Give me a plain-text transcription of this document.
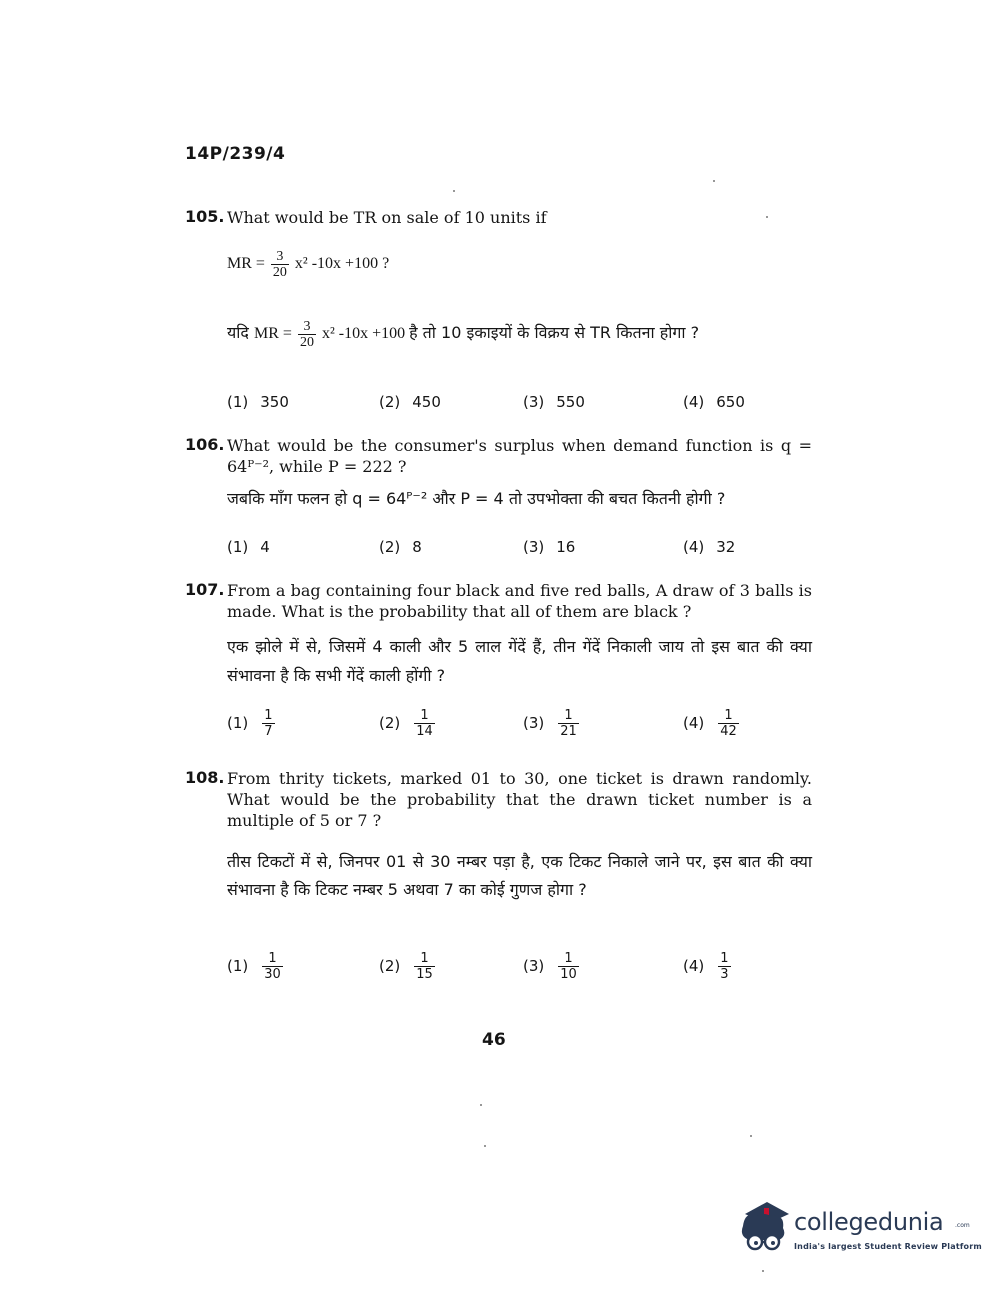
14P/239/4
105. What would be TR on sale of 10 units if
MR = $\frac{3}{20} x^2$ -10x +100 ?
यदि MR = $\frac{3}{20} x^2$ -10x +100 है तो 10 इकाइयों के विक्रय से TR कितना होगा ?
(1) 350	(2) 450	(3) 550	(4) 650
106. What would be the consumer's surplus when demand function is q = 64ᴾ⁻², while P = 222 ?
जबकि माँग फलन हो q = 64ᴾ⁻² और P = 4 तो उपभोक्ता की बचत कितनी होगी ?
(1) 4	(2) 8	(3) 16	(4) 32
107. From a bag containing four black and five red balls, A draw of 3 balls is made. What is the probability that all of them are black ?
एक झोले में से, जिसमें 4 काली और 5 लाल गेंदें हैं, तीन गेंदें निकाली जाय तो इस बात की क्या संभावना है कि सभी गेंदें काली होंगी ?
$(1) \frac{1}{7}$	$(2) \frac{1}{14}$	$(3) \frac{1}{21}$	$(4) \frac{1}{42}$
108. From thrity tickets, marked 01 to 30, one ticket is drawn randomly. What would be the probability that the drawn ticket number is a multiple of 5 or 7 ?
तीस टिकटों में से, जिनपर 01 से 30 नम्बर पड़ा है, एक टिकट निकाले जाने पर, इस बात की क्या संभावना है कि टिकट नम्बर 5 अथवा 7 का कोई गुणज होगा ?
$(1) \frac{1}{30}$	$(2) \frac{1}{15}$	$(3) \frac{1}{10}$	$(4) \frac{1}{3}$
46
collegedunia .com
India's largest Student Review Platform
